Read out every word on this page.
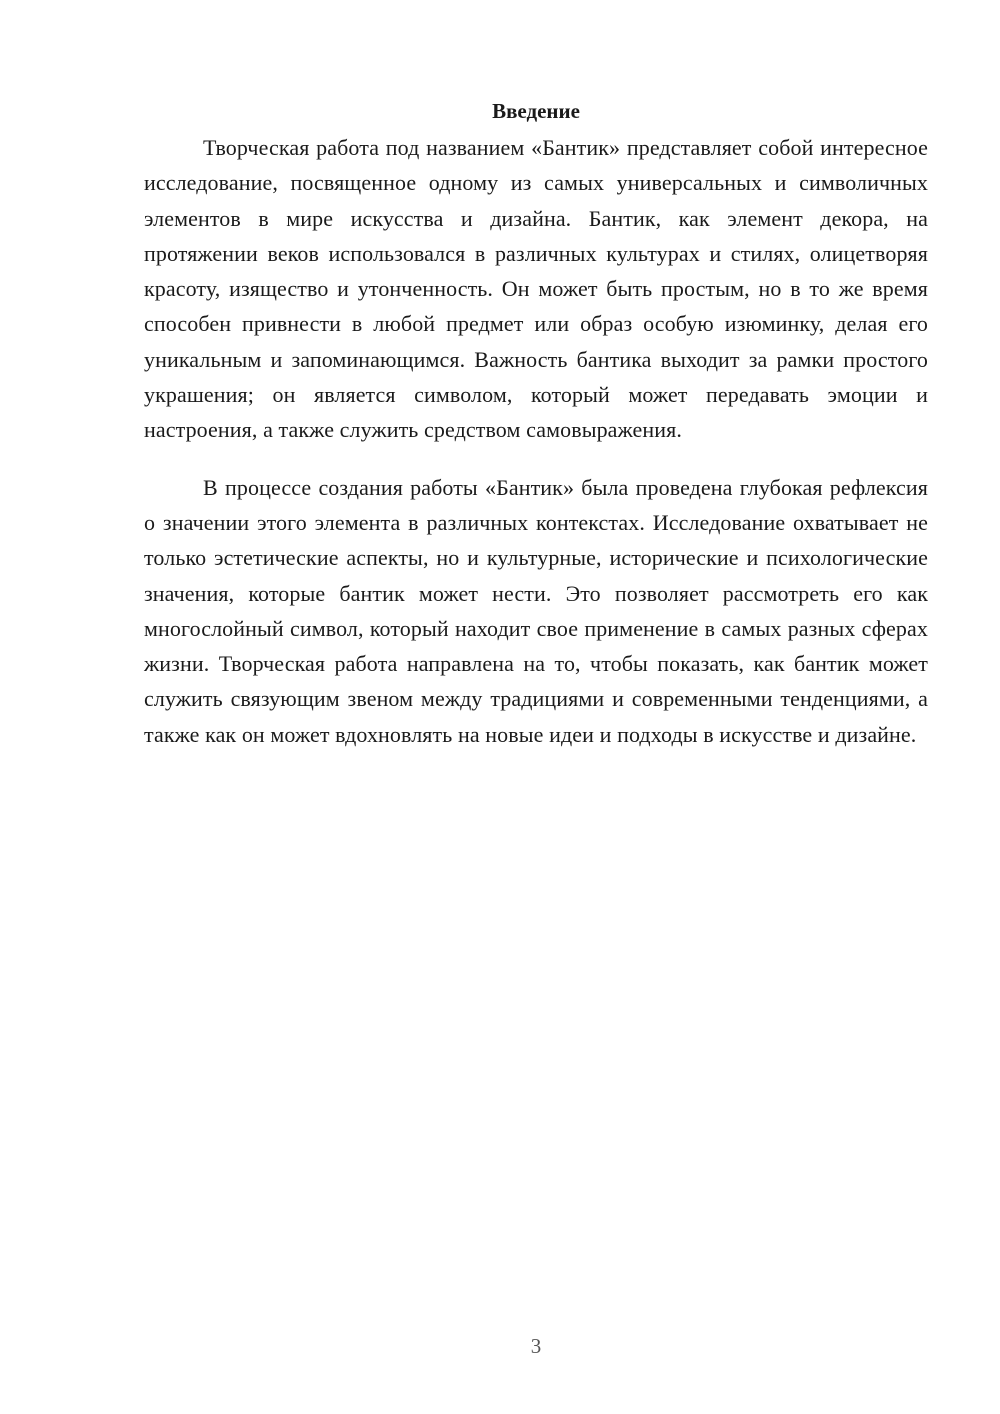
Введение

Творческая работа под названием «Бантик» представляет собой интересное исследование, посвященное одному из самых универсальных и символичных элементов в мире искусства и дизайна. Бантик, как элемент декора, на протяжении веков использовался в различных культурах и стилях, олицетворяя красоту, изящество и утонченность. Он может быть простым, но в то же время способен привнести в любой предмет или образ особую изюминку, делая его уникальным и запоминающимся. Важность бантика выходит за рамки простого украшения; он является символом, который может передавать эмоции и настроения, а также служить средством самовыражения.

В процессе создания работы «Бантик» была проведена глубокая рефлексия о значении этого элемента в различных контекстах. Исследование охватывает не только эстетические аспекты, но и культурные, исторические и психологические значения, которые бантик может нести. Это позволяет рассмотреть его как многослойный символ, который находит свое применение в самых разных сферах жизни. Творческая работа направлена на то, чтобы показать, как бантик может служить связующим звеном между традициями и современными тенденциями, а также как он может вдохновлять на новые идеи и подходы в искусстве и дизайне.

3
